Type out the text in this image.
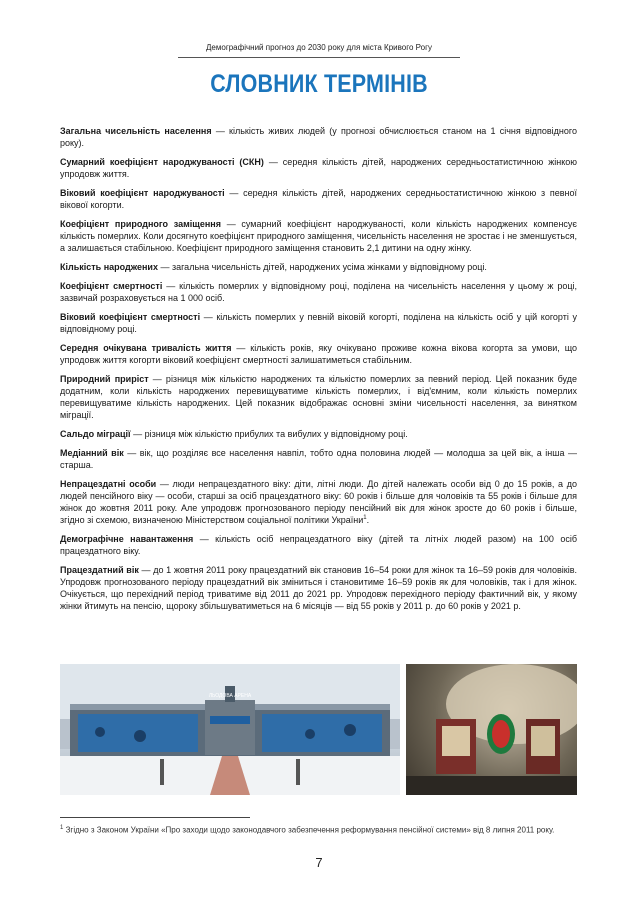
Демографічний прогноз до 2030 року для міста Кривого Рогу
СЛОВНИК ТЕРМІНІВ

Загальна чисельність населення — кількість живих людей (у прогнозі обчислюється станом на 1 січня відповідного року).

Сумарний коефіцієнт народжуваності (СКН) — середня кількість дітей, народжених середньостатистичною жінкою упродовж життя.

Віковий коефіцієнт народжуваності — середня кількість дітей, народжених середньостатистичною жінкою з певної вікової когорти.

Коефіцієнт природного заміщення — сумарний коефіцієнт народжуваності, коли кількість народжених компенсує кількість померлих. Коли досягнуто коефіцієнт природного заміщення, чисельність населення не зростає і не зменшується, а залишається стабільною. Коефіцієнт природного заміщення становить 2,1 дитини на одну жінку.

Кількість народжених — загальна чисельність дітей, народжених усіма жінками у відповідному році.

Коефіцієнт смертності — кількість померлих у відповідному році, поділена на чисельність населення у цьому ж році, зазвичай розраховується на 1 000 осіб.

Віковий коефіцієнт смертності — кількість померлих у певній віковій когорті, поділена на кількість осіб у цій когорті у відповідному році.

Середня очікувана тривалість життя — кількість років, яку очікувано проживе кожна вікова когорта за умови, що упродовж життя когорти віковий коефіцієнт смертності залишатиметься стабільним.

Природний приріст — різниця між кількістю народжених та кількістю померлих за певний період. Цей показник буде додатним, коли кількість народжених перевищуватиме кількість померлих, і від'ємним, коли кількість померлих перевищуватиме кількість народжених. Цей показник відображає основні зміни чисельності населення, за винятком міграції.

Сальдо міграції — різниця між кількістю прибулих та вибулих у відповідному році.

Медіанний вік — вік, що розділяє все населення навпіл, тобто одна половина людей — молодша за цей вік, а інша — старша.

Непрацездатні особи — люди непрацездатного віку: діти, літні люди. До дітей належать особи від 0 до 15 років, а до людей пенсійного віку — особи, старші за осіб працездатного віку: 60 років і більше для чоловіків та 55 років і більше для жінок до жовтня 2011 року. Але упродовж прогнозованого періоду пенсійний вік для жінок зросте до 60 років і більше, згідно зі схемою, визначеною Міністерством соціальної політики України$^1$.

Демографічне навантаження — кількість осіб непрацездатного віку (дітей та літніх людей разом) на 100 осіб працездатного віку.

Працездатний вік — до 1 жовтня 2011 року працездатний вік становив 16–54 роки для жінок та 16–59 років для чоловіків. Упродовж прогнозованого періоду працездатний вік зміниться і становитиме 16–59 років як для чоловіків, так і для жінок. Очікується, що перехідний період триватиме від 2011 до 2021 рр. Упродовж перехідного періоду фактичний вік, у якому жінки йтимуть на пенсію, щороку збільшуватиметься на 6 місяців — від 55 років у 2011 р. до 60 років у 2021 р.

ЛЬОДОВА АРЕНА
$^1$ Згідно з Законом України «Про заходи щодо законодавчого забезпечення реформування пенсійної системи» від 8 липня 2011 року.
7
